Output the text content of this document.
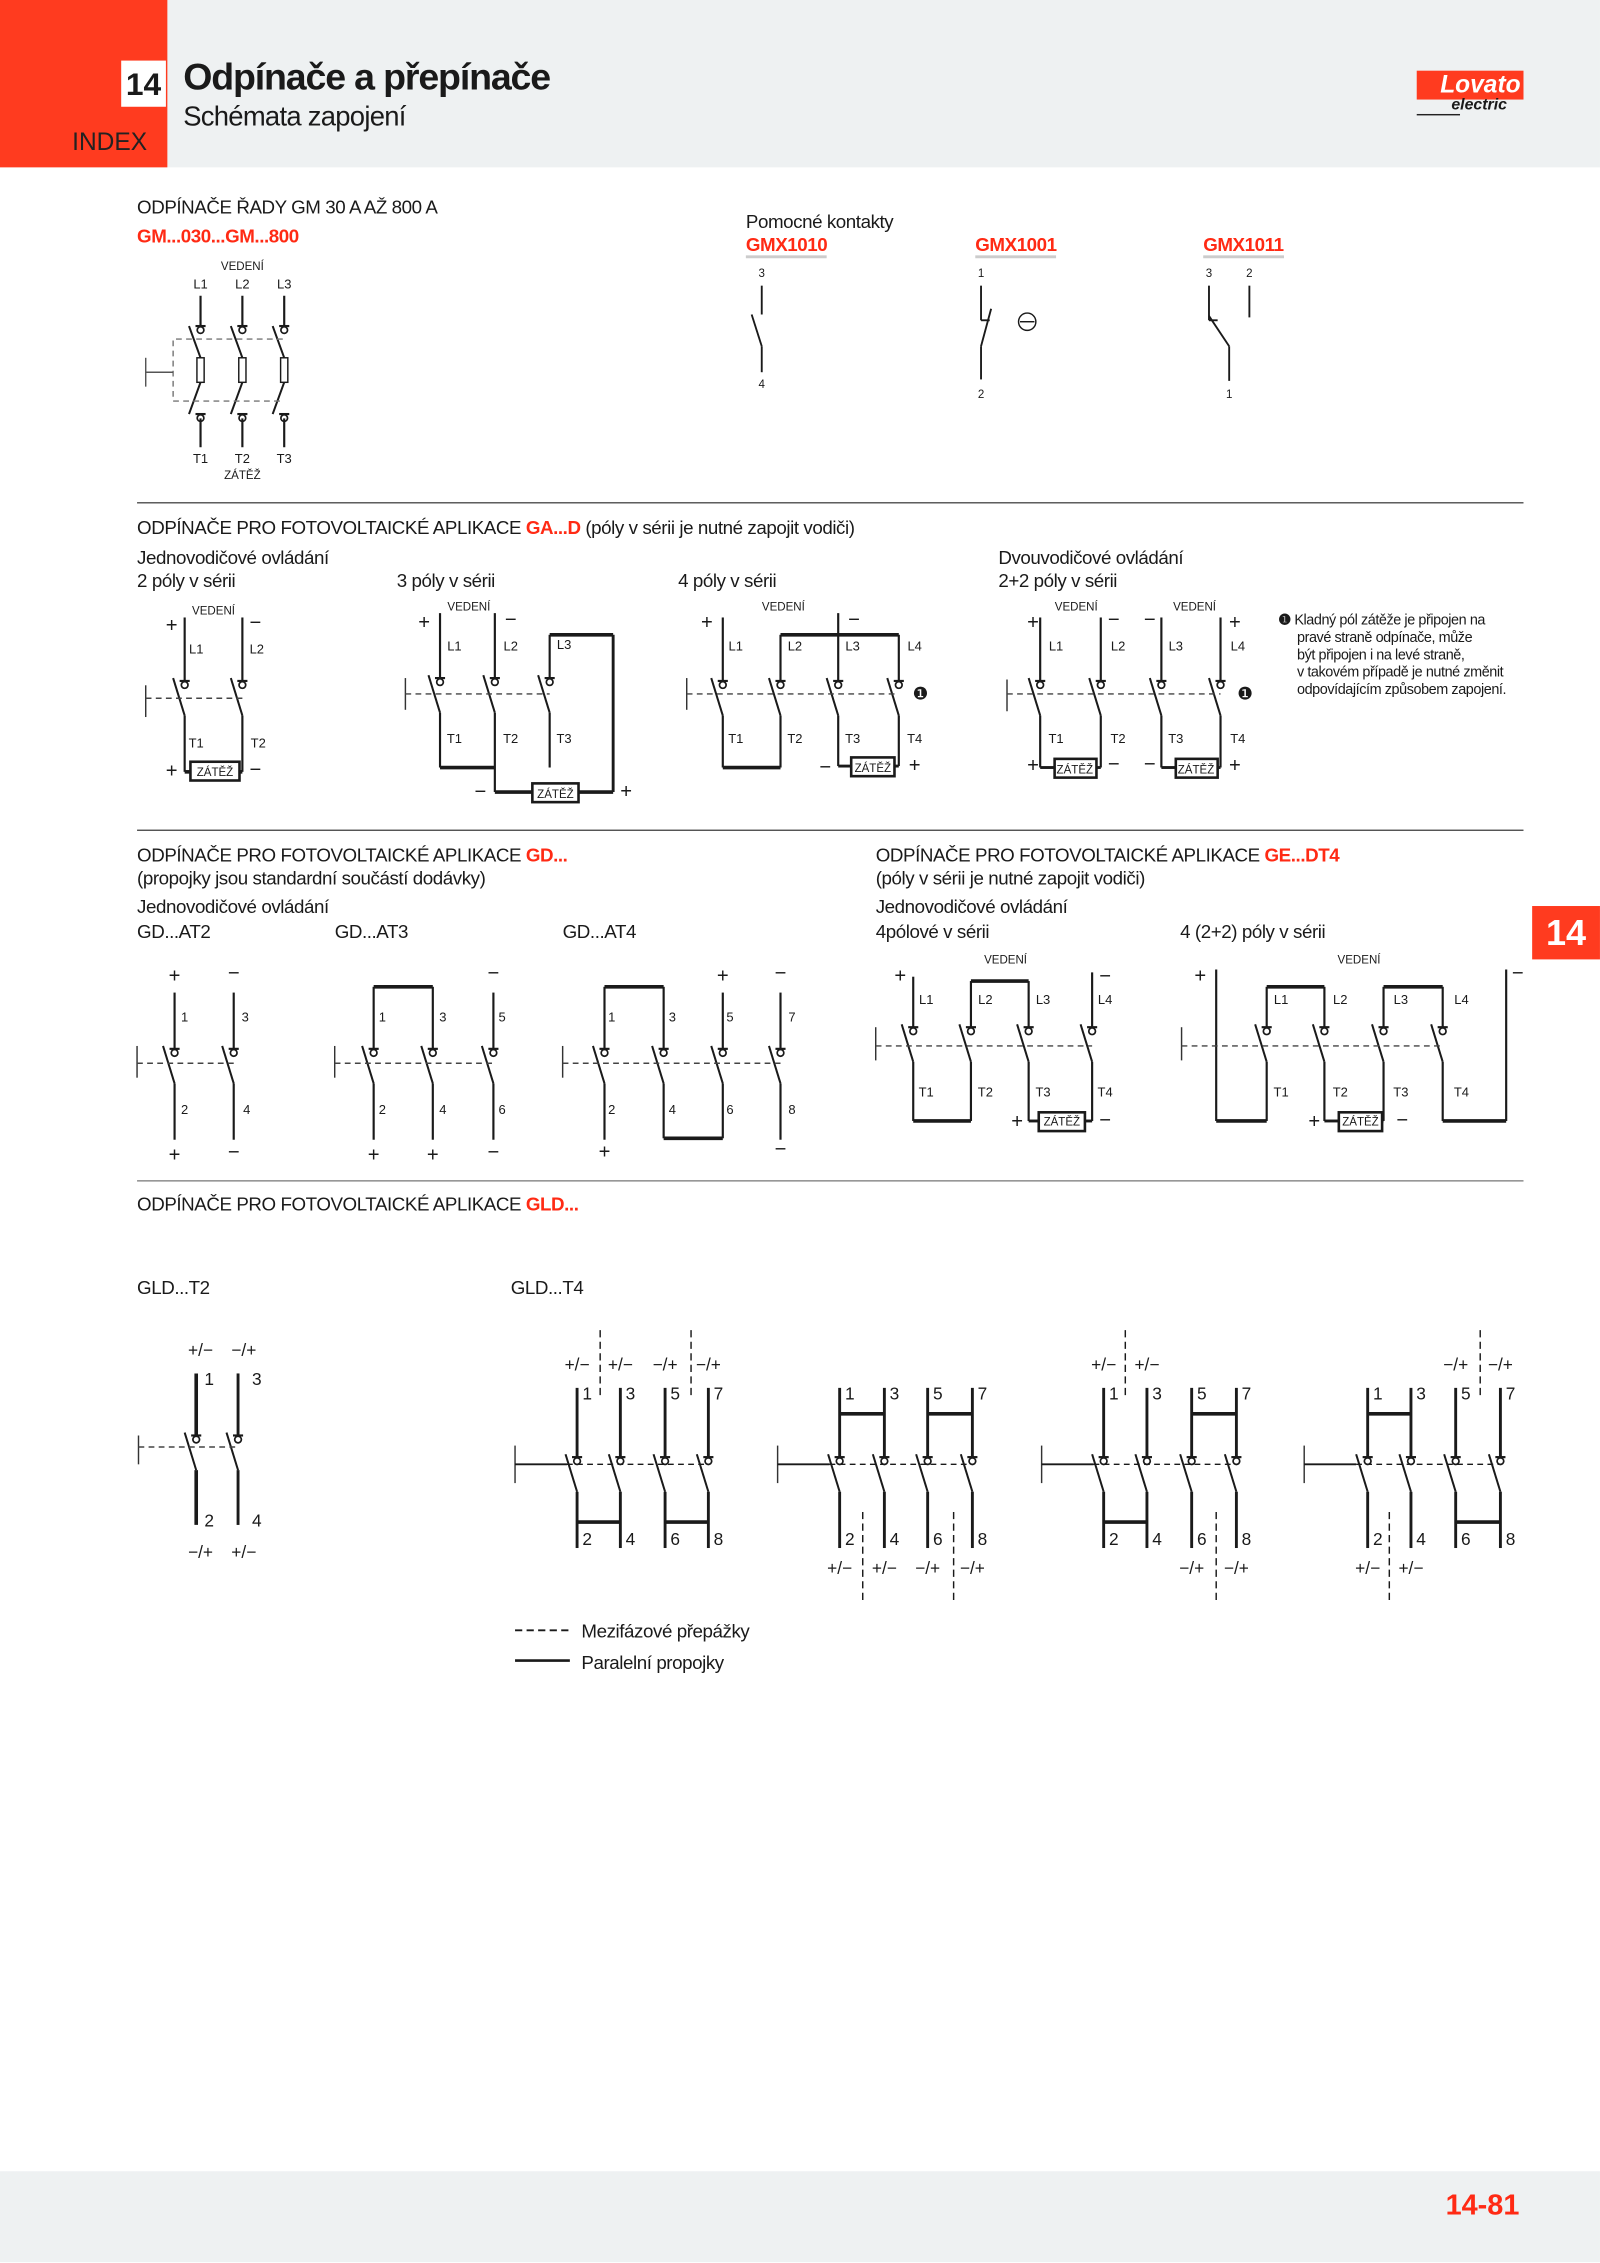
14 Odpínače a přepínače
Schémata zapojení
INDEX
Lovato
electric
14
14-81
ODPÍNAČE ŘADY GM 30 A AŽ 800 A
GM...030...GM...800
Pomocné kontakty
GMX1010	GMX1001	GMX1011
ODPÍNAČE PRO FOTOVOLTAICKÉ APLIKACE GA...D (póly v sérii je nutné zapojit vodiči)
Jednovodičové ovládání	Dvouvodičové ovládání
2 póly v sérii	3 póly v sérii	4 póly v sérii	2+2 póly v sérii
❶ Kladný pól zátěže je připojen na
pravé straně odpínače, může
být připojen i na levé straně,
v takovém případě je nutné změnit
odpovídajícím způsobem zapojení.
ODPÍNAČE PRO FOTOVOLTAICKÉ APLIKACE GD...
(propojky jsou standardní součástí dodávky)
ODPÍNAČE PRO FOTOVOLTAICKÉ APLIKACE GE...DT4
(póly v sérii je nutné zapojit vodiči)
Jednovodičové ovládání	Jednovodičové ovládání
GD...AT2	GD...AT3	GD...AT4	4pólové v sérii	4 (2+2) póly v sérii
ODPÍNAČE PRO FOTOVOLTAICKÉ APLIKACE GLD...
GLD...T2	GLD...T4
Mezifázové přepážky
Paralelní propojky
VEDENÍ
L1	L2	L3
T1	T2	T3
ZÁTĚŽ
3
4
1
2
3	2
1
+	−
VEDENÍ
L1	L2
T1	T2
+	−
ZÁTĚŽ
+	−
VEDENÍ
L1	L2	L3
T1	T2	T3
−	+
ZÁTĚŽ
+	−
VEDENÍ
L1	L2	L3	L4
T1	T2	T3	T4
−	+
ZÁTĚŽ
❶
VEDENÍ	VEDENÍ
+	− −	+
L1	L2	L3	L4
T1	T2	T3	T4
+	− −	+
ZÁTĚŽ	ZÁTĚŽ
❶
+	−
1	3
2	4
+	−
−
1	3	5
2	4	6
+	+	−
+	−
1	3	5	7
2	4	6	8
+	−
VEDENÍ
+	−
L1	L2	L3	L4
T1	T2	T3	T4
+	−
ZÁTĚŽ
VEDENÍ
+	−
L1	L2	L3	L4
T1	T2	T3	T4
+	−
ZÁTĚŽ
+/− −/+
1	3
2	4
−/+ +/−
+/− +/− −/+ −/+
1	3	5	7
2	4	6	8
1	3	5	7
2	4	6	8
+/− +/− −/+ −/+
+/− +/−
1	3	5	7
2	4	6	8
−/+ −/+
−/+ −/+
1	3	5	7
2	4	6	8
+/− +/−
